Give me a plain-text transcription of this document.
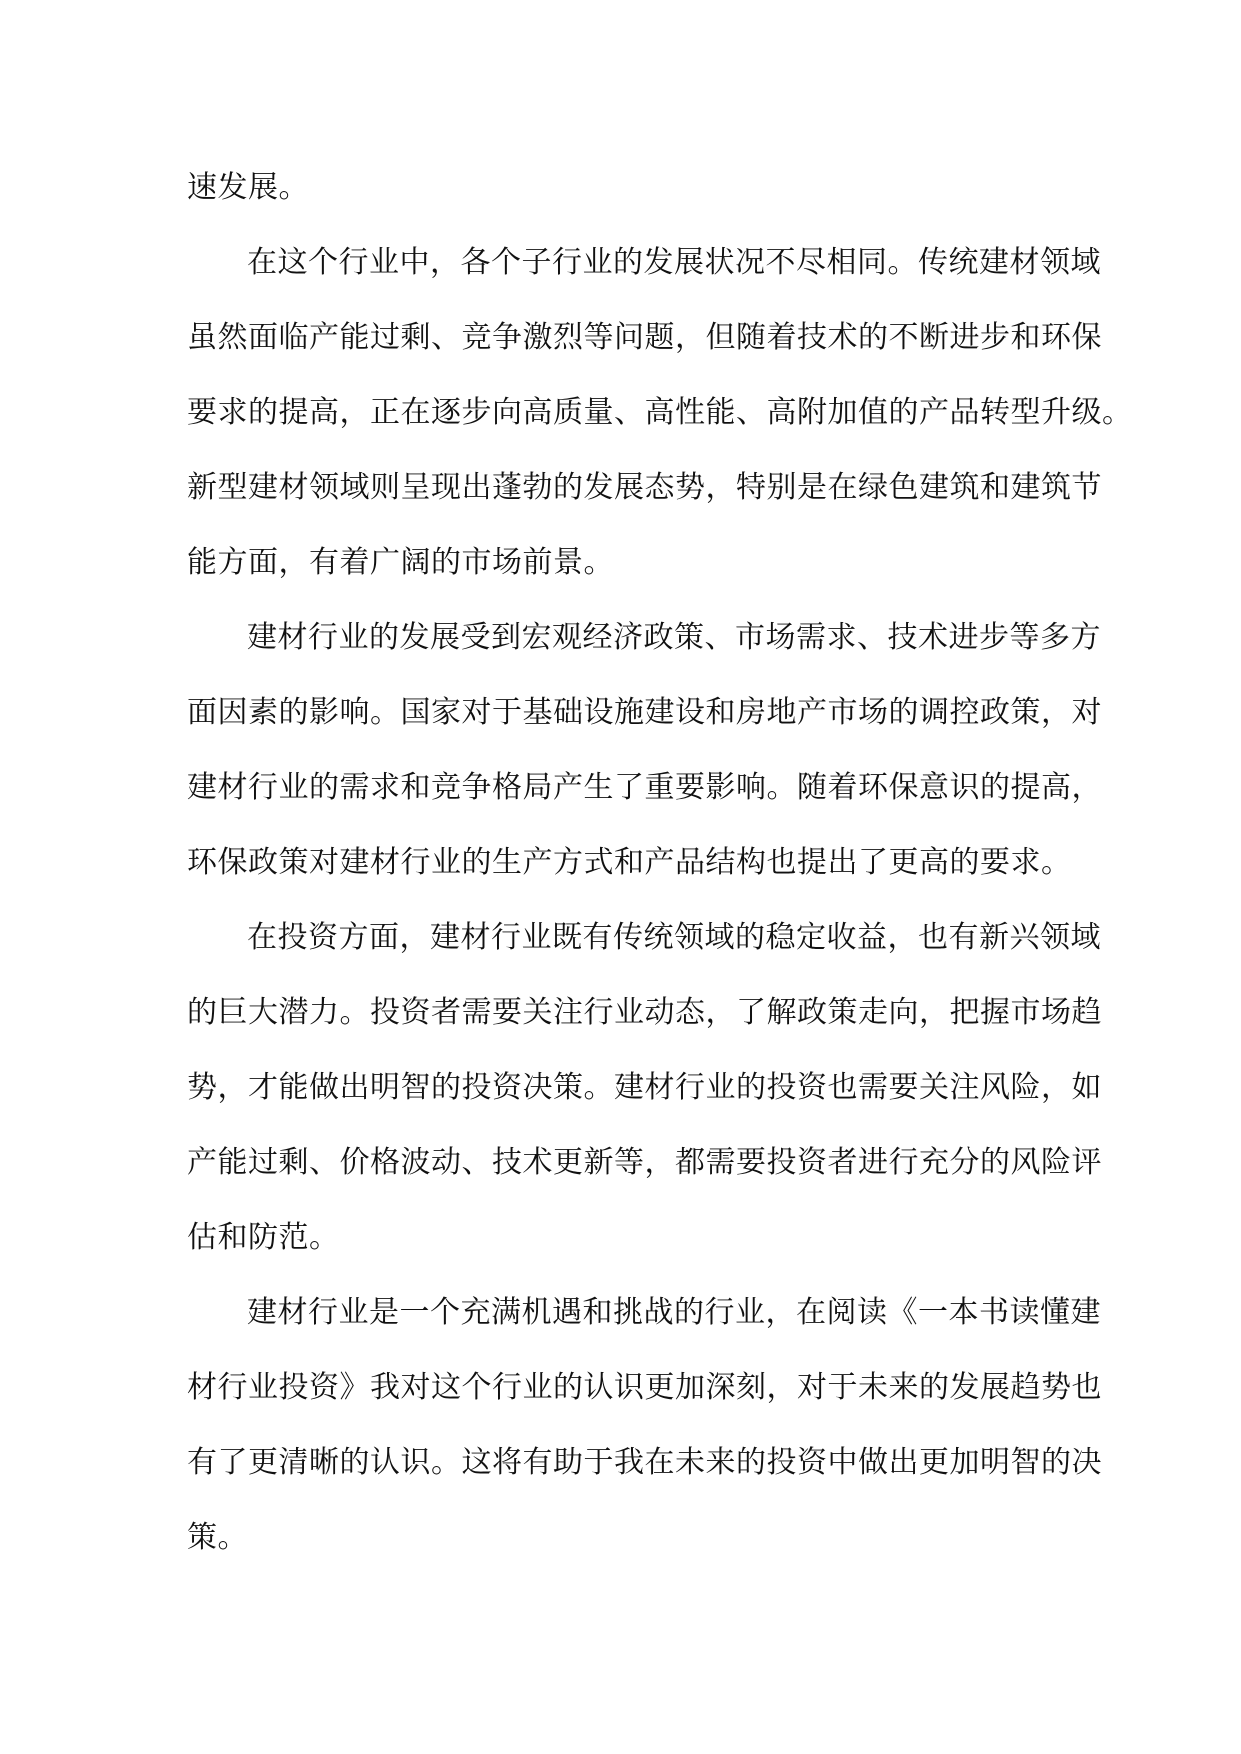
速发展。
在这个行业中，各个子行业的发展状况不尽相同。传统建材领域
虽然面临产能过剩、竞争激烈等问题，但随着技术的不断进步和环保
要求的提高，正在逐步向高质量、高性能、高附加值的产品转型升级。
新型建材领域则呈现出蓬勃的发展态势，特别是在绿色建筑和建筑节
能方面，有着广阔的市场前景。
建材行业的发展受到宏观经济政策、市场需求、技术进步等多方
面因素的影响。国家对于基础设施建设和房地产市场的调控政策，对
建材行业的需求和竞争格局产生了重要影响。随着环保意识的提高，
环保政策对建材行业的生产方式和产品结构也提出了更高的要求。
在投资方面，建材行业既有传统领域的稳定收益，也有新兴领域
的巨大潜力。投资者需要关注行业动态，了解政策走向，把握市场趋
势，才能做出明智的投资决策。建材行业的投资也需要关注风险，如
产能过剩、价格波动、技术更新等，都需要投资者进行充分的风险评
估和防范。
建材行业是一个充满机遇和挑战的行业，在阅读《一本书读懂建
材行业投资》我对这个行业的认识更加深刻，对于未来的发展趋势也
有了更清晰的认识。这将有助于我在未来的投资中做出更加明智的决
策。
